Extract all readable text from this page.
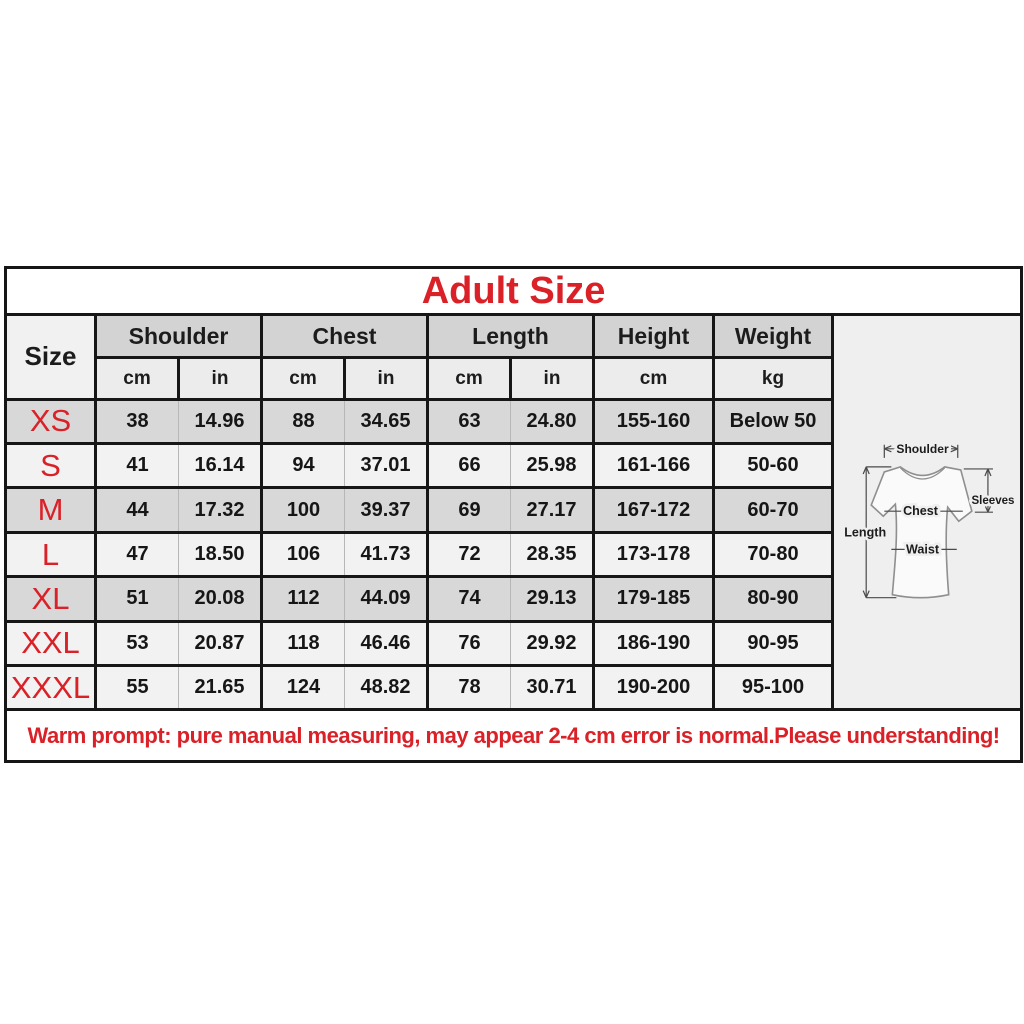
Adult Size									
Size	Shoulder		Chest		Length		Height	Weight	Shoulder
Length
Sleeves
Chest
Waist

	cm	in	cm	in	cm	in	cm	kg	
XS	38	14.96	88	34.65	63	24.80	155-160	Below 50	
S	41	16.14	94	37.01	66	25.98	161-166	50-60	
M	44	17.32	100	39.37	69	27.17	167-172	60-70	
L	47	18.50	106	41.73	72	28.35	173-178	70-80	
XL	51	20.08	112	44.09	74	29.13	179-185	80-90	
XXL	53	20.87	118	46.46	76	29.92	186-190	90-95	
XXXL	55	21.65	124	48.82	78	30.71	190-200	95-100	
Warm prompt: pure manual measuring, may appear 2-4 cm error is normal.Please understanding!									
